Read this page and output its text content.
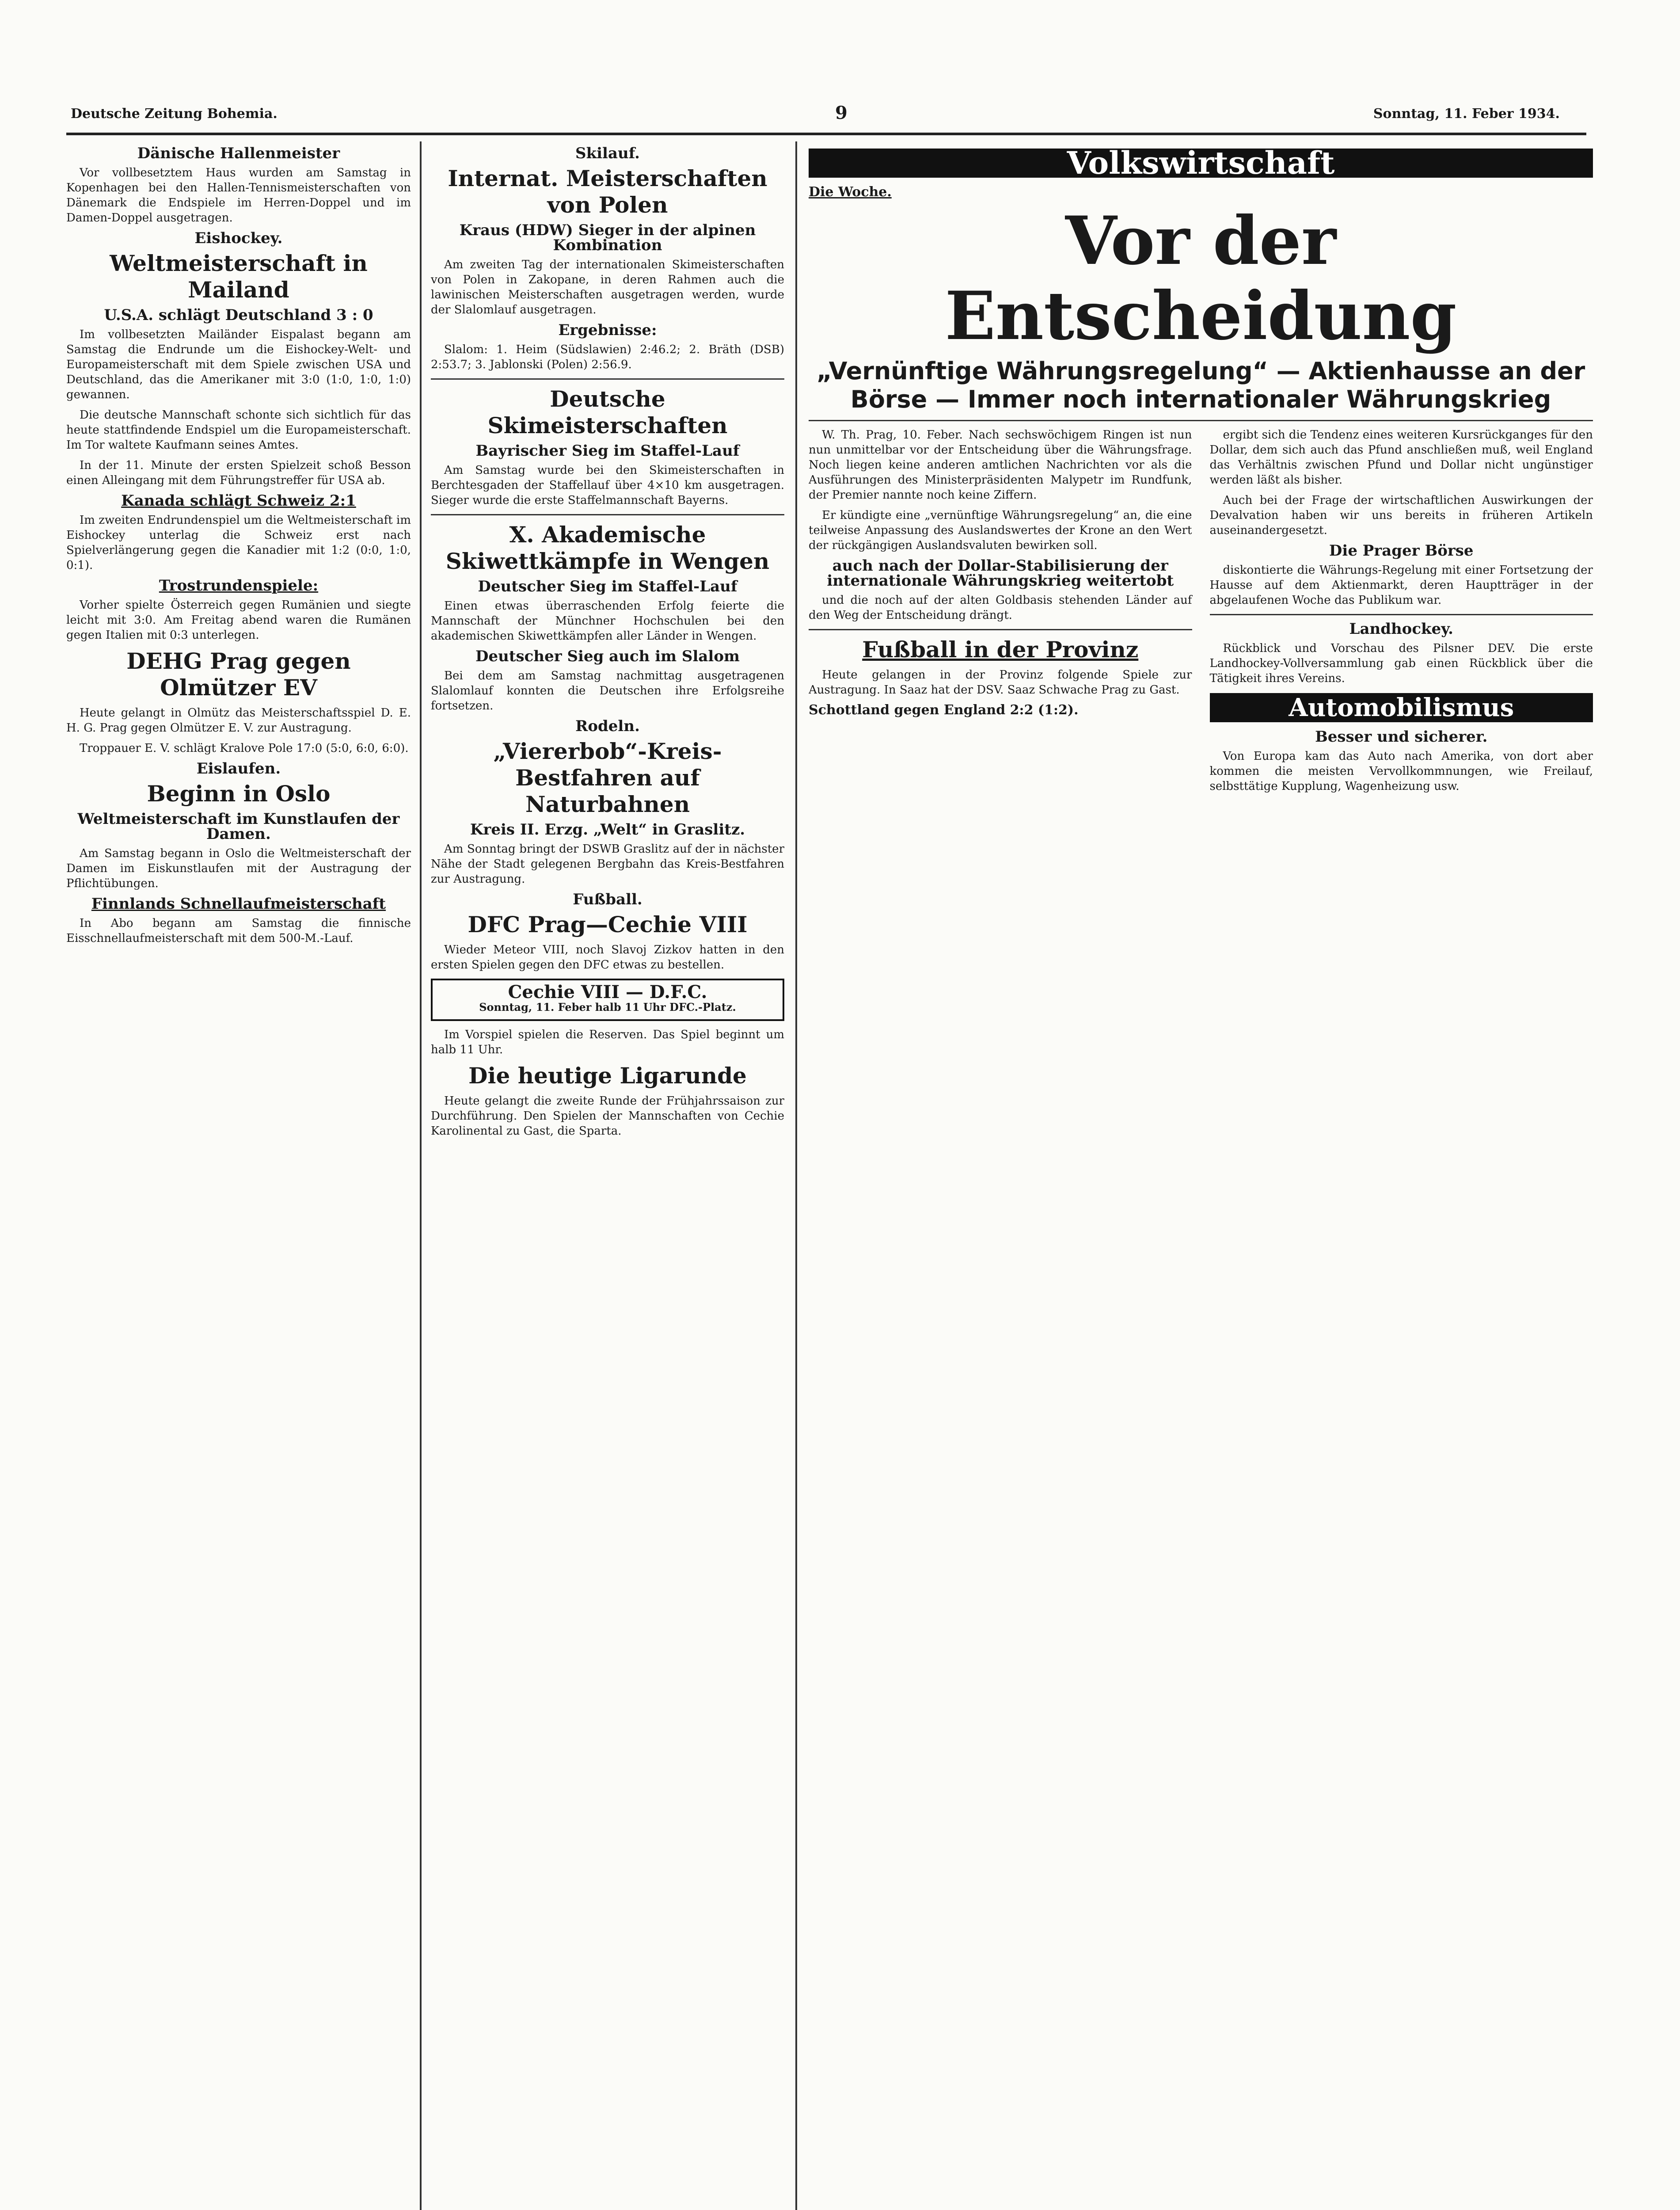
Deutsche Zeitung Bohemia.	9	Sonntag, 11. Feber 1934.
Dänische Hallenmeister

Vor vollbesetztem Haus wurden am Samstag in Kopenhagen bei den Hallen-Tennismeisterschaften von Dänemark die Endspiele im Herren-Doppel und im Damen-Doppel ausgetragen.

Eishockey.
Weltmeisterschaft in Mailand
U.S.A. schlägt Deutschland 3 : 0

Im vollbesetzten Mailänder Eispalast begann am Samstag die Endrunde um die Eishockey-Welt- und Europameisterschaft mit dem Spiele zwischen USA und Deutschland, das die Amerikaner mit 3:0 (1:0, 1:0, 1:0) gewannen.

Die deutsche Mannschaft schonte sich sichtlich für das heute stattfindende Endspiel um die Europameisterschaft. Im Tor waltete Kaufmann seines Amtes.

In der 11. Minute der ersten Spielzeit schoß Besson einen Alleingang mit dem Führungstreffer für USA ab.

Kanada schlägt Schweiz 2:1

Im zweiten Endrundenspiel um die Weltmeisterschaft im Eishockey unterlag die Schweiz erst nach Spielverlängerung gegen die Kanadier mit 1:2 (0:0, 1:0, 0:1).

Trostrundenspiele:

Vorher spielte Österreich gegen Rumänien und siegte leicht mit 3:0. Am Freitag abend waren die Rumänen gegen Italien mit 0:3 unterlegen.

DEHG Prag gegen Olmützer EV

Heute gelangt in Olmütz das Meisterschaftsspiel D. E. H. G. Prag gegen Olmützer E. V. zur Austragung.

Troppauer E. V. schlägt Kralove Pole 17:0 (5:0, 6:0, 6:0).

Eislaufen.
Beginn in Oslo
Weltmeisterschaft im Kunstlaufen der Damen.

Am Samstag begann in Oslo die Weltmeisterschaft der Damen im Eiskunstlaufen mit der Austragung der Pflichtübungen.

Finnlands Schnellaufmeisterschaft

In Abo begann am Samstag die finnische Eisschnellaufmeisterschaft mit dem 500-M.-Lauf.

Skilauf.
Internat. Meisterschaften von Polen
Kraus (HDW) Sieger in der alpinen Kombination

Am zweiten Tag der internationalen Skimeisterschaften von Polen in Zakopane, in deren Rahmen auch die lawinischen Meisterschaften ausgetragen werden, wurde der Slalomlauf ausgetragen.

Ergebnisse:

Slalom: 1. Heim (Südslawien) 2:46.2; 2. Bräth (DSB) 2:53.7; 3. Jablonski (Polen) 2:56.9.

Deutsche Skimeisterschaften
Bayrischer Sieg im Staffel-Lauf

Am Samstag wurde bei den Skimeisterschaften in Berchtesgaden der Staffellauf über 4×10 km ausgetragen. Sieger wurde die erste Staffelmannschaft Bayerns.

X. Akademische Skiwettkämpfe in Wengen
Deutscher Sieg im Staffel-Lauf

Einen etwas überraschenden Erfolg feierte die Mannschaft der Münchner Hochschulen bei den akademischen Skiwettkämpfen aller Länder in Wengen.

Deutscher Sieg auch im Slalom

Bei dem am Samstag nachmittag ausgetragenen Slalomlauf konnten die Deutschen ihre Erfolgsreihe fortsetzen.

Rodeln.
„Viererbob“-Kreis-Bestfahren auf Naturbahnen
Kreis II. Erzg. „Welt“ in Graslitz.

Am Sonntag bringt der DSWB Graslitz auf der in nächster Nähe der Stadt gelegenen Bergbahn das Kreis-Bestfahren zur Austragung.

Fußball.
DFC Prag—Cechie VIII

Wieder Meteor VIII, noch Slavoj Zizkov hatten in den ersten Spielen gegen den DFC etwas zu bestellen.

Cechie VIII — D.F.C.
Sonntag, 11. Feber halb 11 Uhr DFC.-Platz.

Im Vorspiel spielen die Reserven. Das Spiel beginnt um halb 11 Uhr.

Die heutige Ligarunde

Heute gelangt die zweite Runde der Frühjahrssaison zur Durchführung. Den Spielen der Mannschaften von Cechie Karolinental zu Gast, die Sparta.

Volkswirtschaft
Die Woche.
Vor der Entscheidung
„Vernünftige Währungsregelung“ — Aktienhausse an der Börse — Immer noch internationaler Währungskrieg

W. Th. Prag, 10. Feber. Nach sechswöchigem Ringen ist nun nun unmittelbar vor der Entscheidung über die Währungsfrage. Noch liegen keine anderen amtlichen Nachrichten vor als die Ausführungen des Ministerpräsidenten Malypetr im Rundfunk, der Premier nannte noch keine Ziffern.

Er kündigte eine „vernünftige Währungsregelung“ an, die eine teilweise Anpassung des Auslandswertes der Krone an den Wert der rückgängigen Auslandsvaluten bewirken soll.

auch nach der Dollar-Stabilisierung der internationale Währungskrieg weitertobt

und die noch auf der alten Goldbasis stehenden Länder auf den Weg der Entscheidung drängt.

Fußball in der Provinz

Heute gelangen in der Provinz folgende Spiele zur Austragung. In Saaz hat der DSV. Saaz Schwache Prag zu Gast.

Schottland gegen England 2:2 (1:2).

ergibt sich die Tendenz eines weiteren Kursrückganges für den Dollar, dem sich auch das Pfund anschließen muß, weil England das Verhältnis zwischen Pfund und Dollar nicht ungünstiger werden läßt als bisher.

Auch bei der Frage der wirtschaftlichen Auswirkungen der Devalvation haben wir uns bereits in früheren Artikeln auseinandergesetzt.

Die Prager Börse

diskontierte die Währungs-Regelung mit einer Fortsetzung der Hausse auf dem Aktienmarkt, deren Hauptträger in der abgelaufenen Woche das Publikum war.

Landhockey.

Rückblick und Vorschau des Pilsner DEV. Die erste Landhockey-Vollversammlung gab einen Rückblick über die Tätigkeit ihres Vereins.

Automobilismus
Besser und sicherer.

Von Europa kam das Auto nach Amerika, von dort aber kommen die meisten Vervollkommnungen, wie Freilauf, selbsttätige Kupplung, Wagenheizung usw.
